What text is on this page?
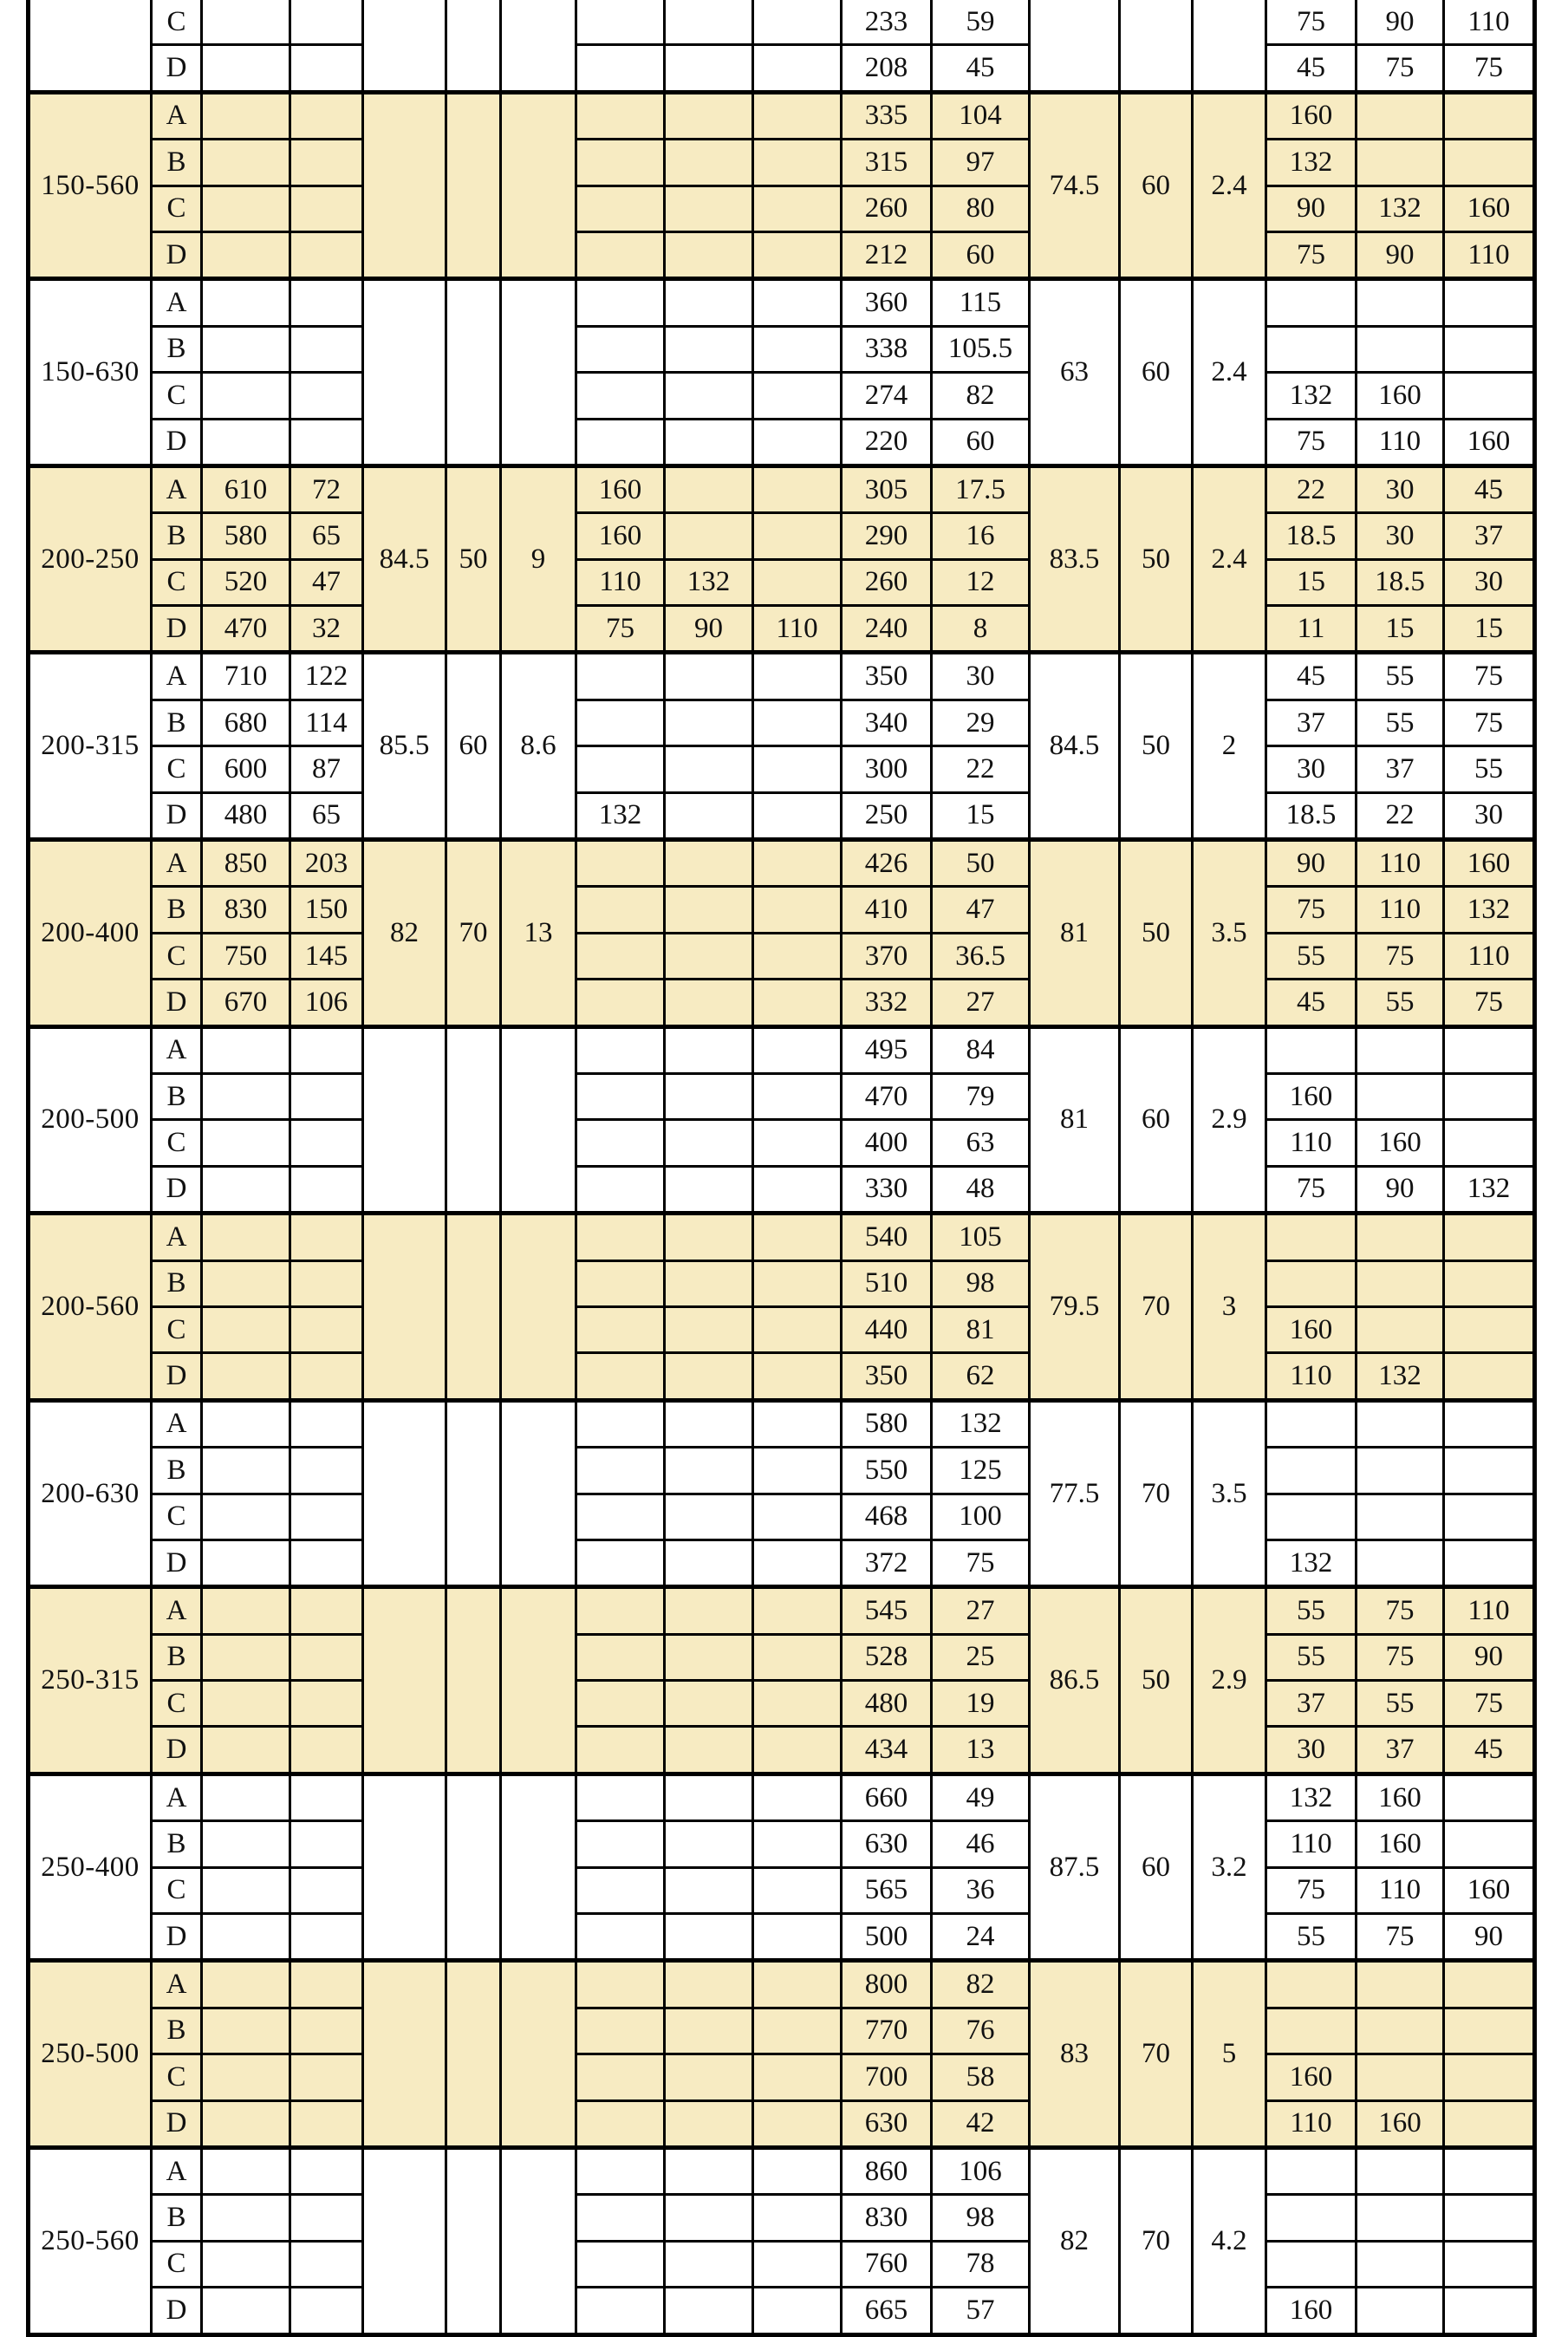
	C									233	59				75	90	110
	D									208	45				45	75	75
150-560	A									335	104	74.5	60	2.4	160		
	B									315	97				132		
	C									260	80				90	132	160
	D									212	60				75	90	110
150-630	A									360	115	63	60	2.4			
	B									338	105.5						
	C									274	82				132	160	
	D									220	60				75	110	160
200-250	A	610	72	84.5	50	9	160			305	17.5	83.5	50	2.4	22	30	45
	B	580	65				160			290	16				18.5	30	37
	C	520	47				110	132		260	12				15	18.5	30
	D	470	32				75	90	110	240	8				11	15	15
200-315	A	710	122	85.5	60	8.6				350	30	84.5	50	2	45	55	75
	B	680	114							340	29				37	55	75
	C	600	87							300	22				30	37	55
	D	480	65				132			250	15				18.5	22	30
200-400	A	850	203	82	70	13				426	50	81	50	3.5	90	110	160
	B	830	150							410	47				75	110	132
	C	750	145							370	36.5				55	75	110
	D	670	106							332	27				45	55	75
200-500	A									495	84	81	60	2.9			
	B									470	79				160		
	C									400	63				110	160	
	D									330	48				75	90	132
200-560	A									540	105	79.5	70	3			
	B									510	98						
	C									440	81				160		
	D									350	62				110	132	
200-630	A									580	132	77.5	70	3.5			
	B									550	125						
	C									468	100						
	D									372	75				132		
250-315	A									545	27	86.5	50	2.9	55	75	110
	B									528	25				55	75	90
	C									480	19				37	55	75
	D									434	13				30	37	45
250-400	A									660	49	87.5	60	3.2	132	160	
	B									630	46				110	160	
	C									565	36				75	110	160
	D									500	24				55	75	90
250-500	A									800	82	83	70	5			
	B									770	76						
	C									700	58				160		
	D									630	42				110	160	
250-560	A									860	106	82	70	4.2			
	B									830	98						
	C									760	78						
	D									665	57				160		
